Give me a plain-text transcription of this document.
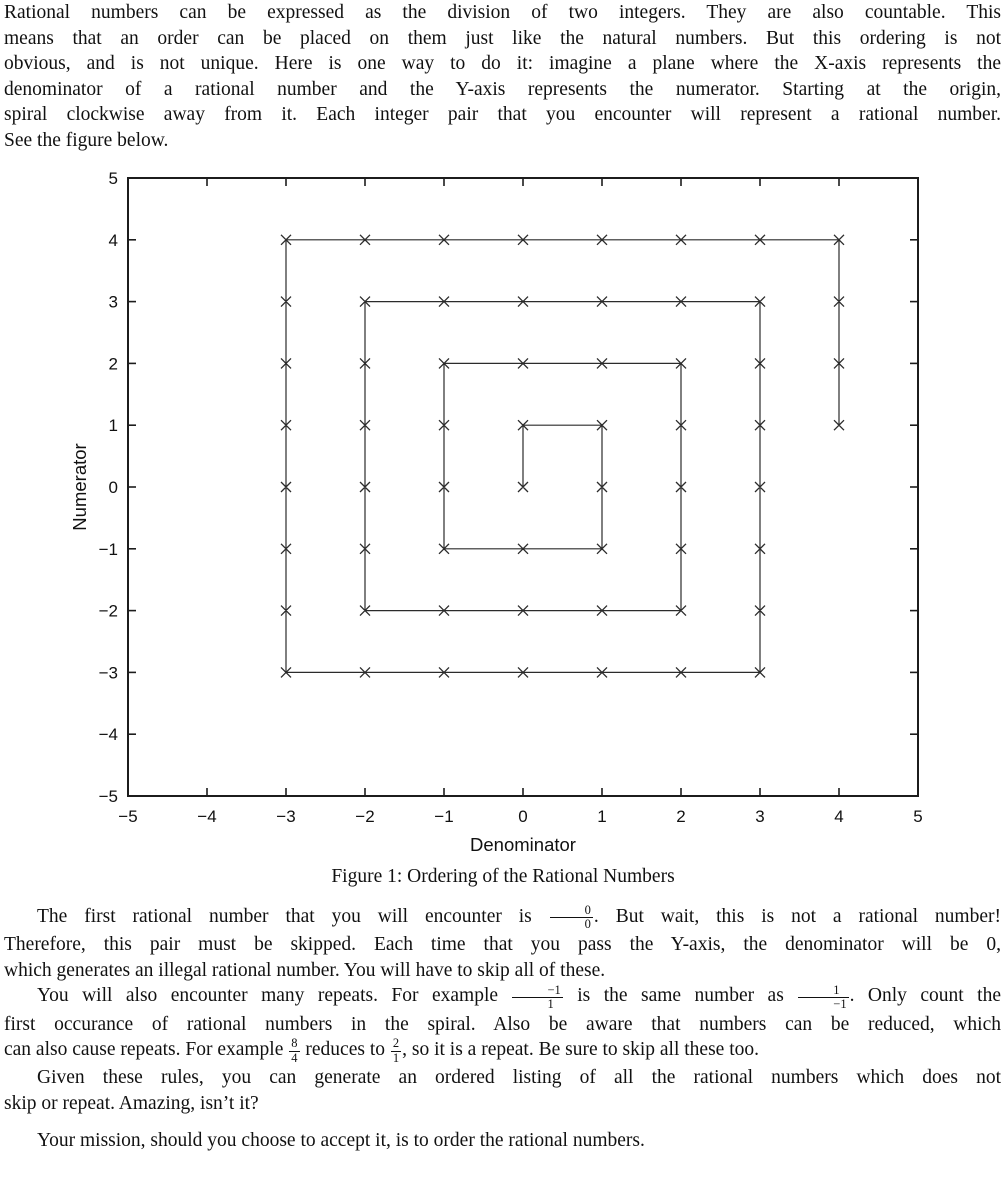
Rational numbers can be expressed as the division of two integers. They are also countable. This
means that an order can be placed on them just like the natural numbers. But this ordering is not
obvious, and is not unique. Here is one way to do it: imagine a plane where the X-axis represents the
denominator of a rational number and the Y-axis represents the numerator. Starting at the origin,
spiral clockwise away from it. Each integer pair that you encounter will represent a rational number.
See the figure below.
−5	−4	−3	−2	−1	0	1	2	3	4	5
−5
−4
−3
−2
−1
0
1
2
3
4
5
Denominator
Numerator
Figure 1: Ordering of the Rational Numbers
The first rational number that you will encounter is $\frac{0}{0}$ . But wait, this is not a rational number!
Therefore, this pair must be skipped. Each time that you pass the Y-axis, the denominator will be 0,
which generates an illegal rational number. You will have to skip all of these.
You will also encounter many repeats. For example $\frac{-1}{1}$ is the same number as $\frac{1}{-1}$ . Only count the
first occurance of rational numbers in the spiral. Also be aware that numbers can be reduced, which
can also cause repeats. For example $\frac{8}{4}$ reduces to $\frac{2}{1}$ , so it is a repeat. Be sure to skip all these too.
Given these rules, you can generate an ordered listing of all the rational numbers which does not
skip or repeat. Amazing, isn’t it?
Your mission, should you choose to accept it, is to order the rational numbers.
